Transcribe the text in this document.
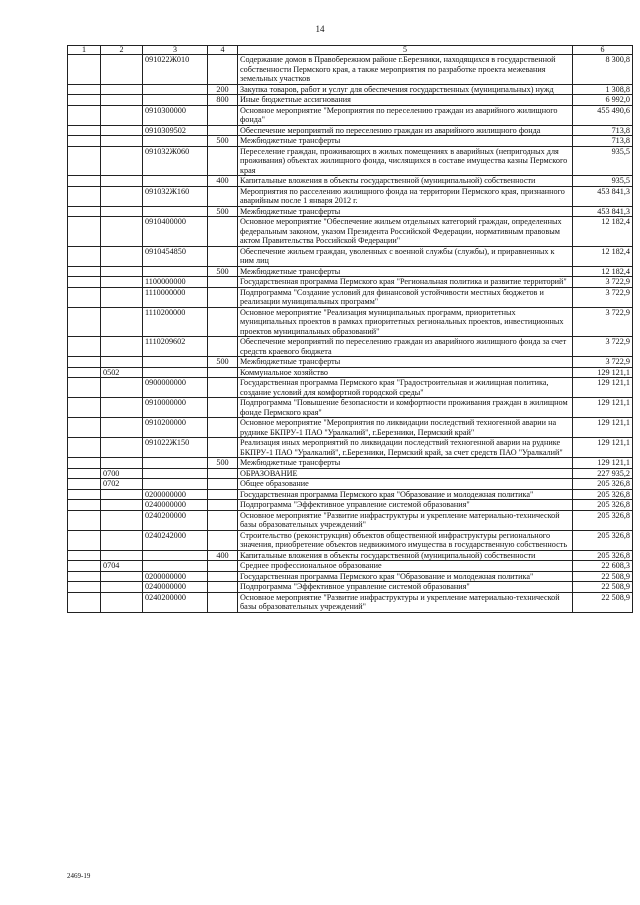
14
1	2	3	4	5	6
		091022Ж010		Содержание домов в Правобережном районе г.Березники, находящихся в государственной собственности Пермского края, а также мероприятия по разработке проекта межевания земельных участков	8 300,8
			200	Закупка товаров, работ и услуг для обеспечения государственных (муниципальных) нужд	1 308,8
			800	Иные бюджетные ассигнования	6 992,0
		0910300000		Основное мероприятие "Мероприятия по переселению граждан из аварийного жилищного фонда"	455 490,6
		0910309502		Обеспечение мероприятий по переселению граждан из аварийного жилищного фонда	713,8
			500	Межбюджетные трансферты	713,8
		091032Ж060		Переселение граждан, проживающих в жилых помещениях в аварийных (непригодных для проживания) объектах жилищного фонда, числящихся в составе имущества казны Пермского края	935,5
			400	Капитальные вложения в объекты государственной (муниципальной) собственности	935,5
		091032Ж160		Мероприятия по расселению жилищного фонда на территории Пермского края, признанного аварийным после 1 января 2012 г.	453 841,3
			500	Межбюджетные трансферты	453 841,3
		0910400000		Основное мероприятие "Обеспечение жильем отдельных категорий граждан, определенных федеральным законом, указом Президента Российской Федерации, нормативным правовым актом Правительства Российской Федерации"	12 182,4
		0910454850		Обеспечение жильем граждан, уволенных с военной службы (службы), и приравненных к ним лиц	12 182,4
			500	Межбюджетные трансферты	12 182,4
		1100000000		Государственная программа Пермского края "Региональная политика и развитие территорий"	3 722,9
		1110000000		Подпрограмма "Создание условий для финансовой устойчивости местных бюджетов и реализации муниципальных программ"	3 722,9
		1110200000		Основное мероприятие "Реализация муниципальных программ, приоритетных муниципальных проектов в рамках приоритетных региональных проектов, инвестиционных проектов муниципальных образований"	3 722,9
		1110209602		Обеспечение мероприятий по переселению граждан из аварийного жилищного фонда за счет средств краевого бюджета	3 722,9
			500	Межбюджетные трансферты	3 722,9
	0502			Коммунальное хозяйство	129 121,1
		0900000000		Государственная программа Пермского края "Градостроительная и жилищная политика, создание условий для комфортной городской среды"	129 121,1
		0910000000		Подпрограмма "Повышение безопасности и комфортности проживания граждан в жилищном фонде Пермского края"	129 121,1
		0910200000		Основное мероприятие "Мероприятия по ликвидации последствий техногенной аварии на руднике БКПРУ-1 ПАО "Уралкалий", г.Березники, Пермский край"	129 121,1
		091022Ж150		Реализация иных мероприятий по ликвидации последствий техногенной аварии на руднике БКПРУ-1 ПАО "Уралкалий", г.Березники, Пермский край, за счет средств ПАО "Уралкалий"	129 121,1
			500	Межбюджетные трансферты	129 121,1
	0700			ОБРАЗОВАНИЕ	227 935,2
	0702			Общее образование	205 326,8
		0200000000		Государственная программа Пермского края "Образование и молодежная политика"	205 326,8
		0240000000		Подпрограмма "Эффективное управление системой образования"	205 326,8
		0240200000		Основное мероприятие "Развитие инфраструктуры и укрепление материально-технической базы образовательных учреждений"	205 326,8
		0240242000		Строительство (реконструкция) объектов общественной инфраструктуры регионального значения, приобретение объектов недвижимого имущества в государственную собственность	205 326,8
			400	Капитальные вложения в объекты государственной (муниципальной) собственности	205 326,8
	0704			Среднее профессиональное образование	22 608,3
		0200000000		Государственная программа Пермского края "Образование и молодежная политика"	22 508,9
		0240000000		Подпрограмма "Эффективное управление системой образования"	22 508,9
		0240200000		Основное мероприятие "Развитие инфраструктуры и укрепление материально-технической базы образовательных учреждений"	22 508,9
2469-19
